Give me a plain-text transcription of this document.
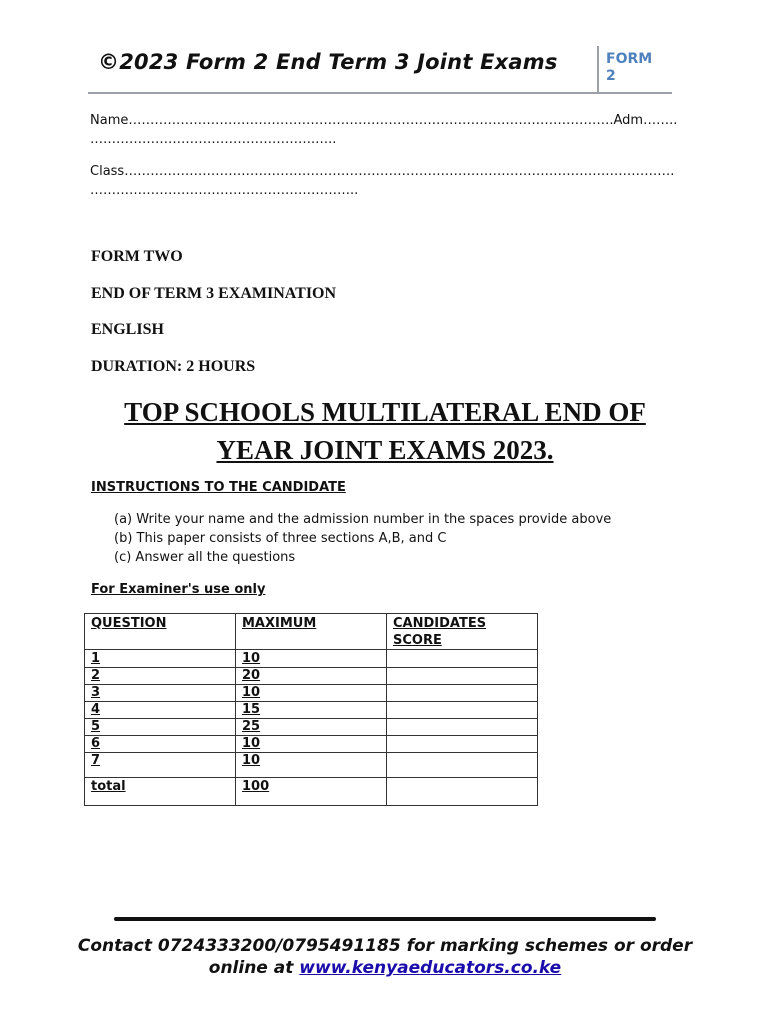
©2023 Form 2 End Term 3 Joint Exams	FORM
2
Name………………………………………………………………………………………………….Adm……..
…………………………………………….…..
Class……………………………………………………………………………………………………………….
……………………………………………………..
FORM TWO
END OF TERM 3 EXAMINATION
ENGLISH
DURATION: 2 HOURS
TOP SCHOOLS MULTILATERAL END OF YEAR JOINT EXAMS 2023.
INSTRUCTIONS TO THE CANDIDATE
(a) Write your name and the admission number in the spaces provide above
(b) This paper consists of three sections A,B, and C
(c) Answer all the questions
For Examiner's use only
QUESTION	MAXIMUM	CANDIDATES
SCORE

1	10	
2	20	
3	10	
4	15	
5	25	
6	10	
7	10	
total	100	
Contact 0724333200/0795491185 for marking schemes or order online at www.kenyaeducators.co.ke
